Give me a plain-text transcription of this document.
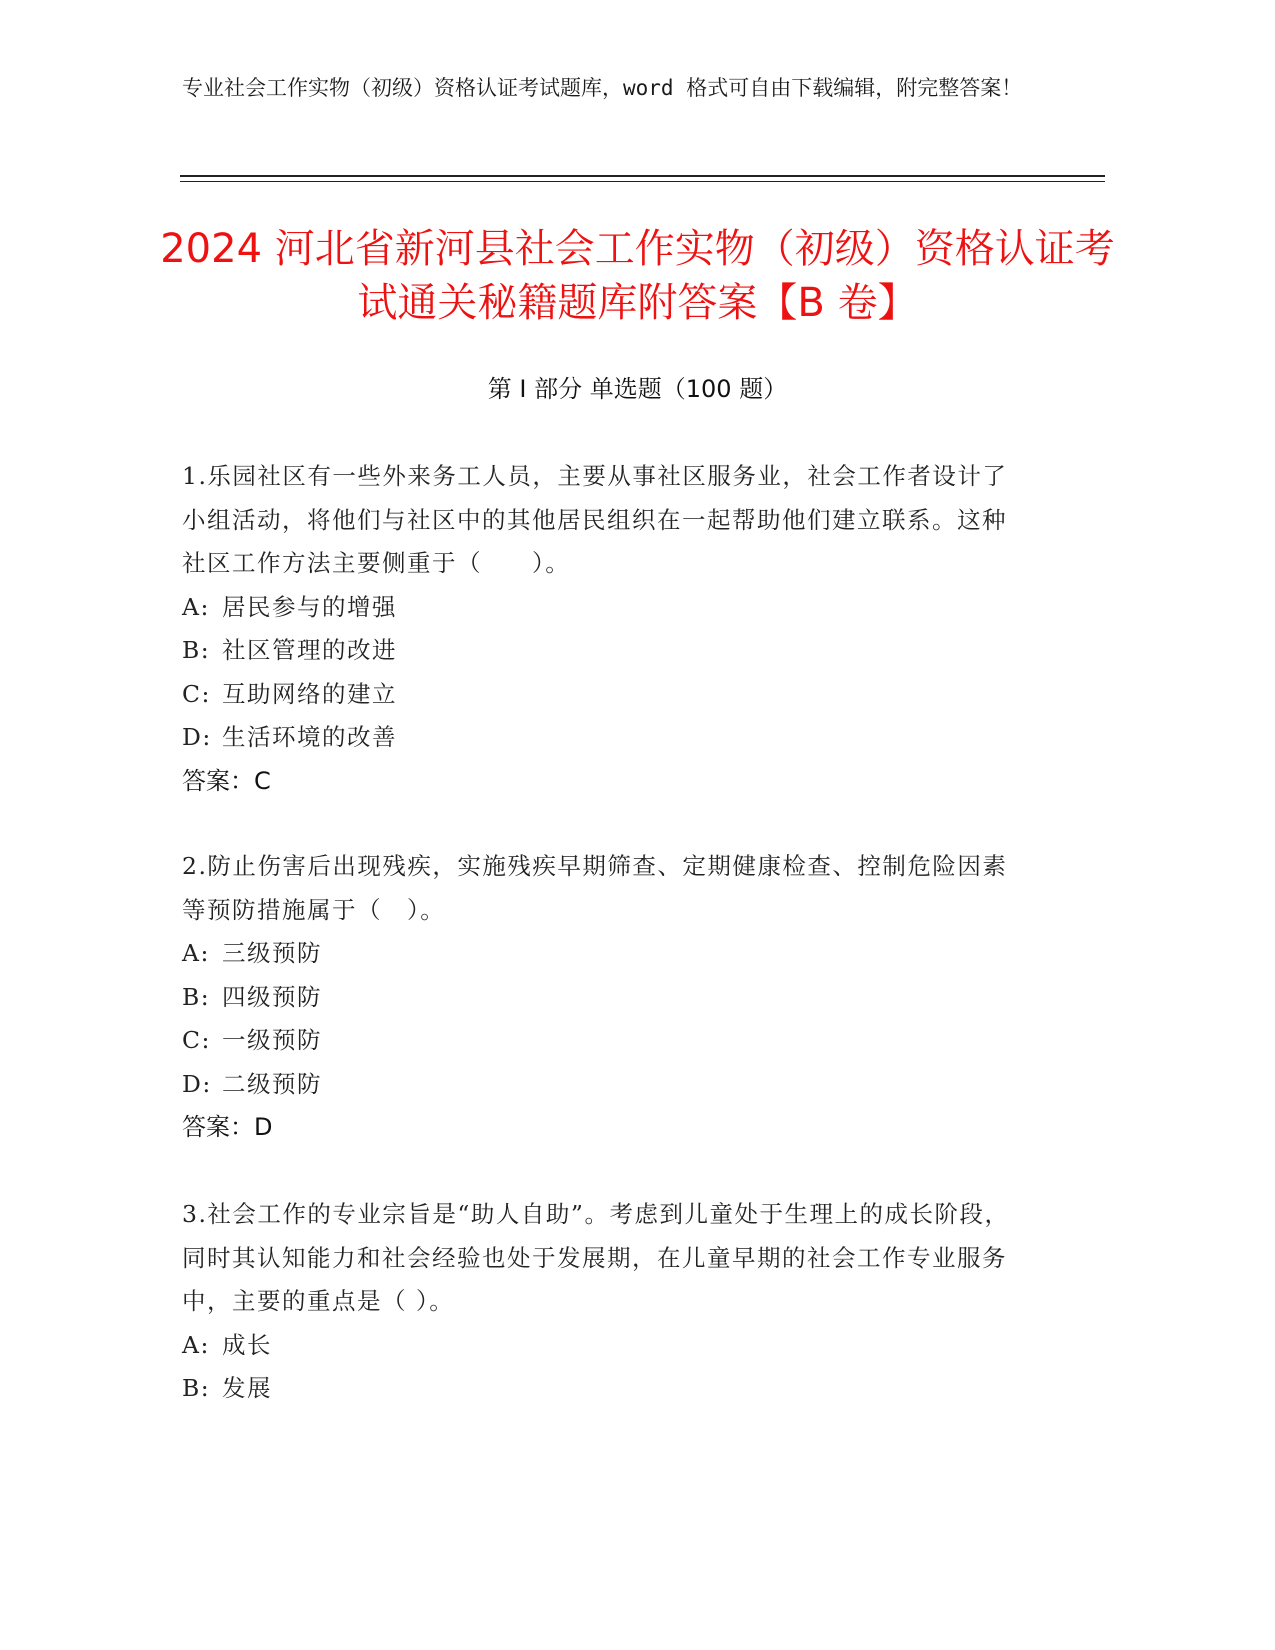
专业社会工作实物（初级）资格认证考试题库，word 格式可自由下载编辑，附完整答案！
2024 河北省新河县社会工作实物（初级）资格认证考试通关秘籍题库附答案【B 卷】
第 I 部分 单选题（100 题）

1.乐园社区有一些外来务工人员，主要从事社区服务业，社会工作者设计了小组活动，将他们与社区中的其他居民组织在一起帮助他们建立联系。这种社区工作方法主要侧重于（　　）。

A: 居民参与的增强

B: 社区管理的改进

C: 互助网络的建立

D: 生活环境的改善

答案：C

2.防止伤害后出现残疾，实施残疾早期筛查、定期健康检查、控制危险因素等预防措施属于（　）。

A: 三级预防

B: 四级预防

C: 一级预防

D: 二级预防

答案：D

3.社会工作的专业宗旨是“助人自助”。考虑到儿童处于生理上的成长阶段，同时其认知能力和社会经验也处于发展期，在儿童早期的社会工作专业服务中，主要的重点是（ ）。

A: 成长

B: 发展
